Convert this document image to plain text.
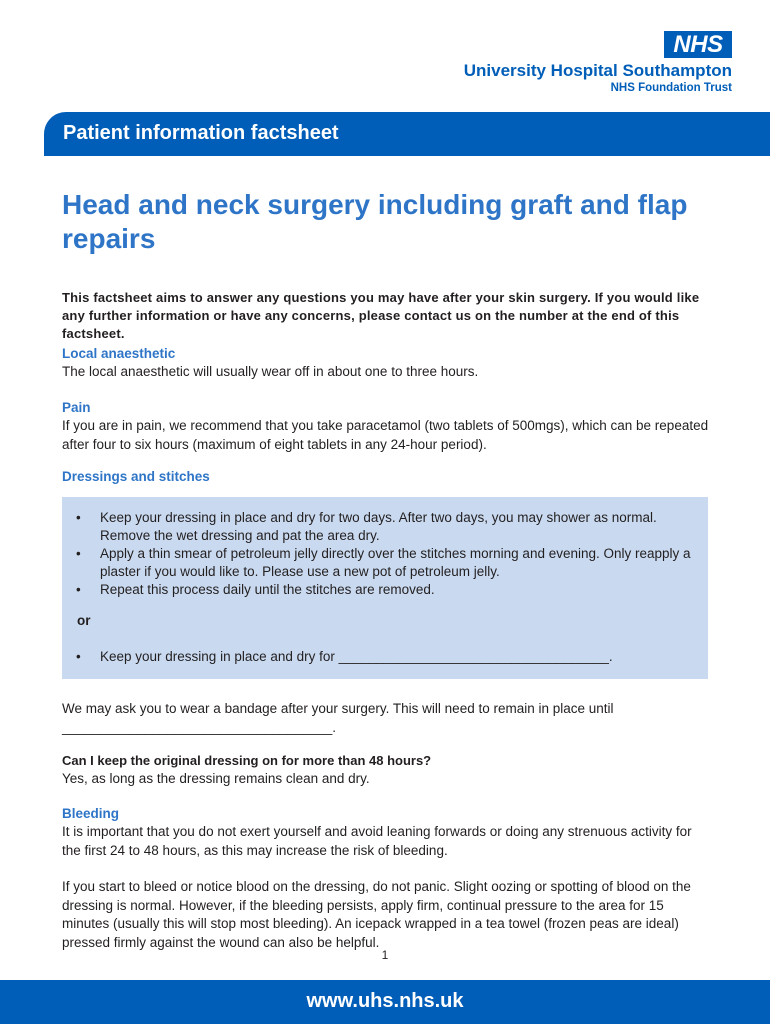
NHS
University Hospital Southampton
NHS Foundation Trust
Patient information factsheet
Head and neck surgery including graft and flap repairs

This factsheet aims to answer any questions you may have after your skin surgery. If you would like any further information or have any concerns, please contact us on the number at the end of this factsheet.

Local anaesthetic

The local anaesthetic will usually wear off in about one to three hours.

Pain

If you are in pain, we recommend that you take paracetamol (two tablets of 500mgs), which can be repeated after four to six hours (maximum of eight tablets in any 24-hour period).

Dressings and stitches

• Keep your dressing in place and dry for two days. After two days, you may shower as normal. Remove the wet dressing and pat the area dry.
• Apply a thin smear of petroleum jelly directly over the stitches morning and evening. Only reapply a plaster if you would like to. Please use a new pot of petroleum jelly.
• Repeat this process daily until the stitches are removed.
or
• Keep your dressing in place and dry for ____________________________________.

We may ask you to wear a bandage after your surgery. This will need to remain in place until ____________________________________.

Can I keep the original dressing on for more than 48 hours?

Yes, as long as the dressing remains clean and dry.

Bleeding

It is important that you do not exert yourself and avoid leaning forwards or doing any strenuous activity for the first 24 to 48 hours, as this may increase the risk of bleeding.

If you start to bleed or notice blood on the dressing, do not panic. Slight oozing or spotting of blood on the dressing is normal. However, if the bleeding persists, apply firm, continual pressure to the area for 15 minutes (usually this will stop most bleeding). An icepack wrapped in a tea towel (frozen peas are ideal) pressed firmly against the wound can also be helpful.

1
www.uhs.nhs.uk
